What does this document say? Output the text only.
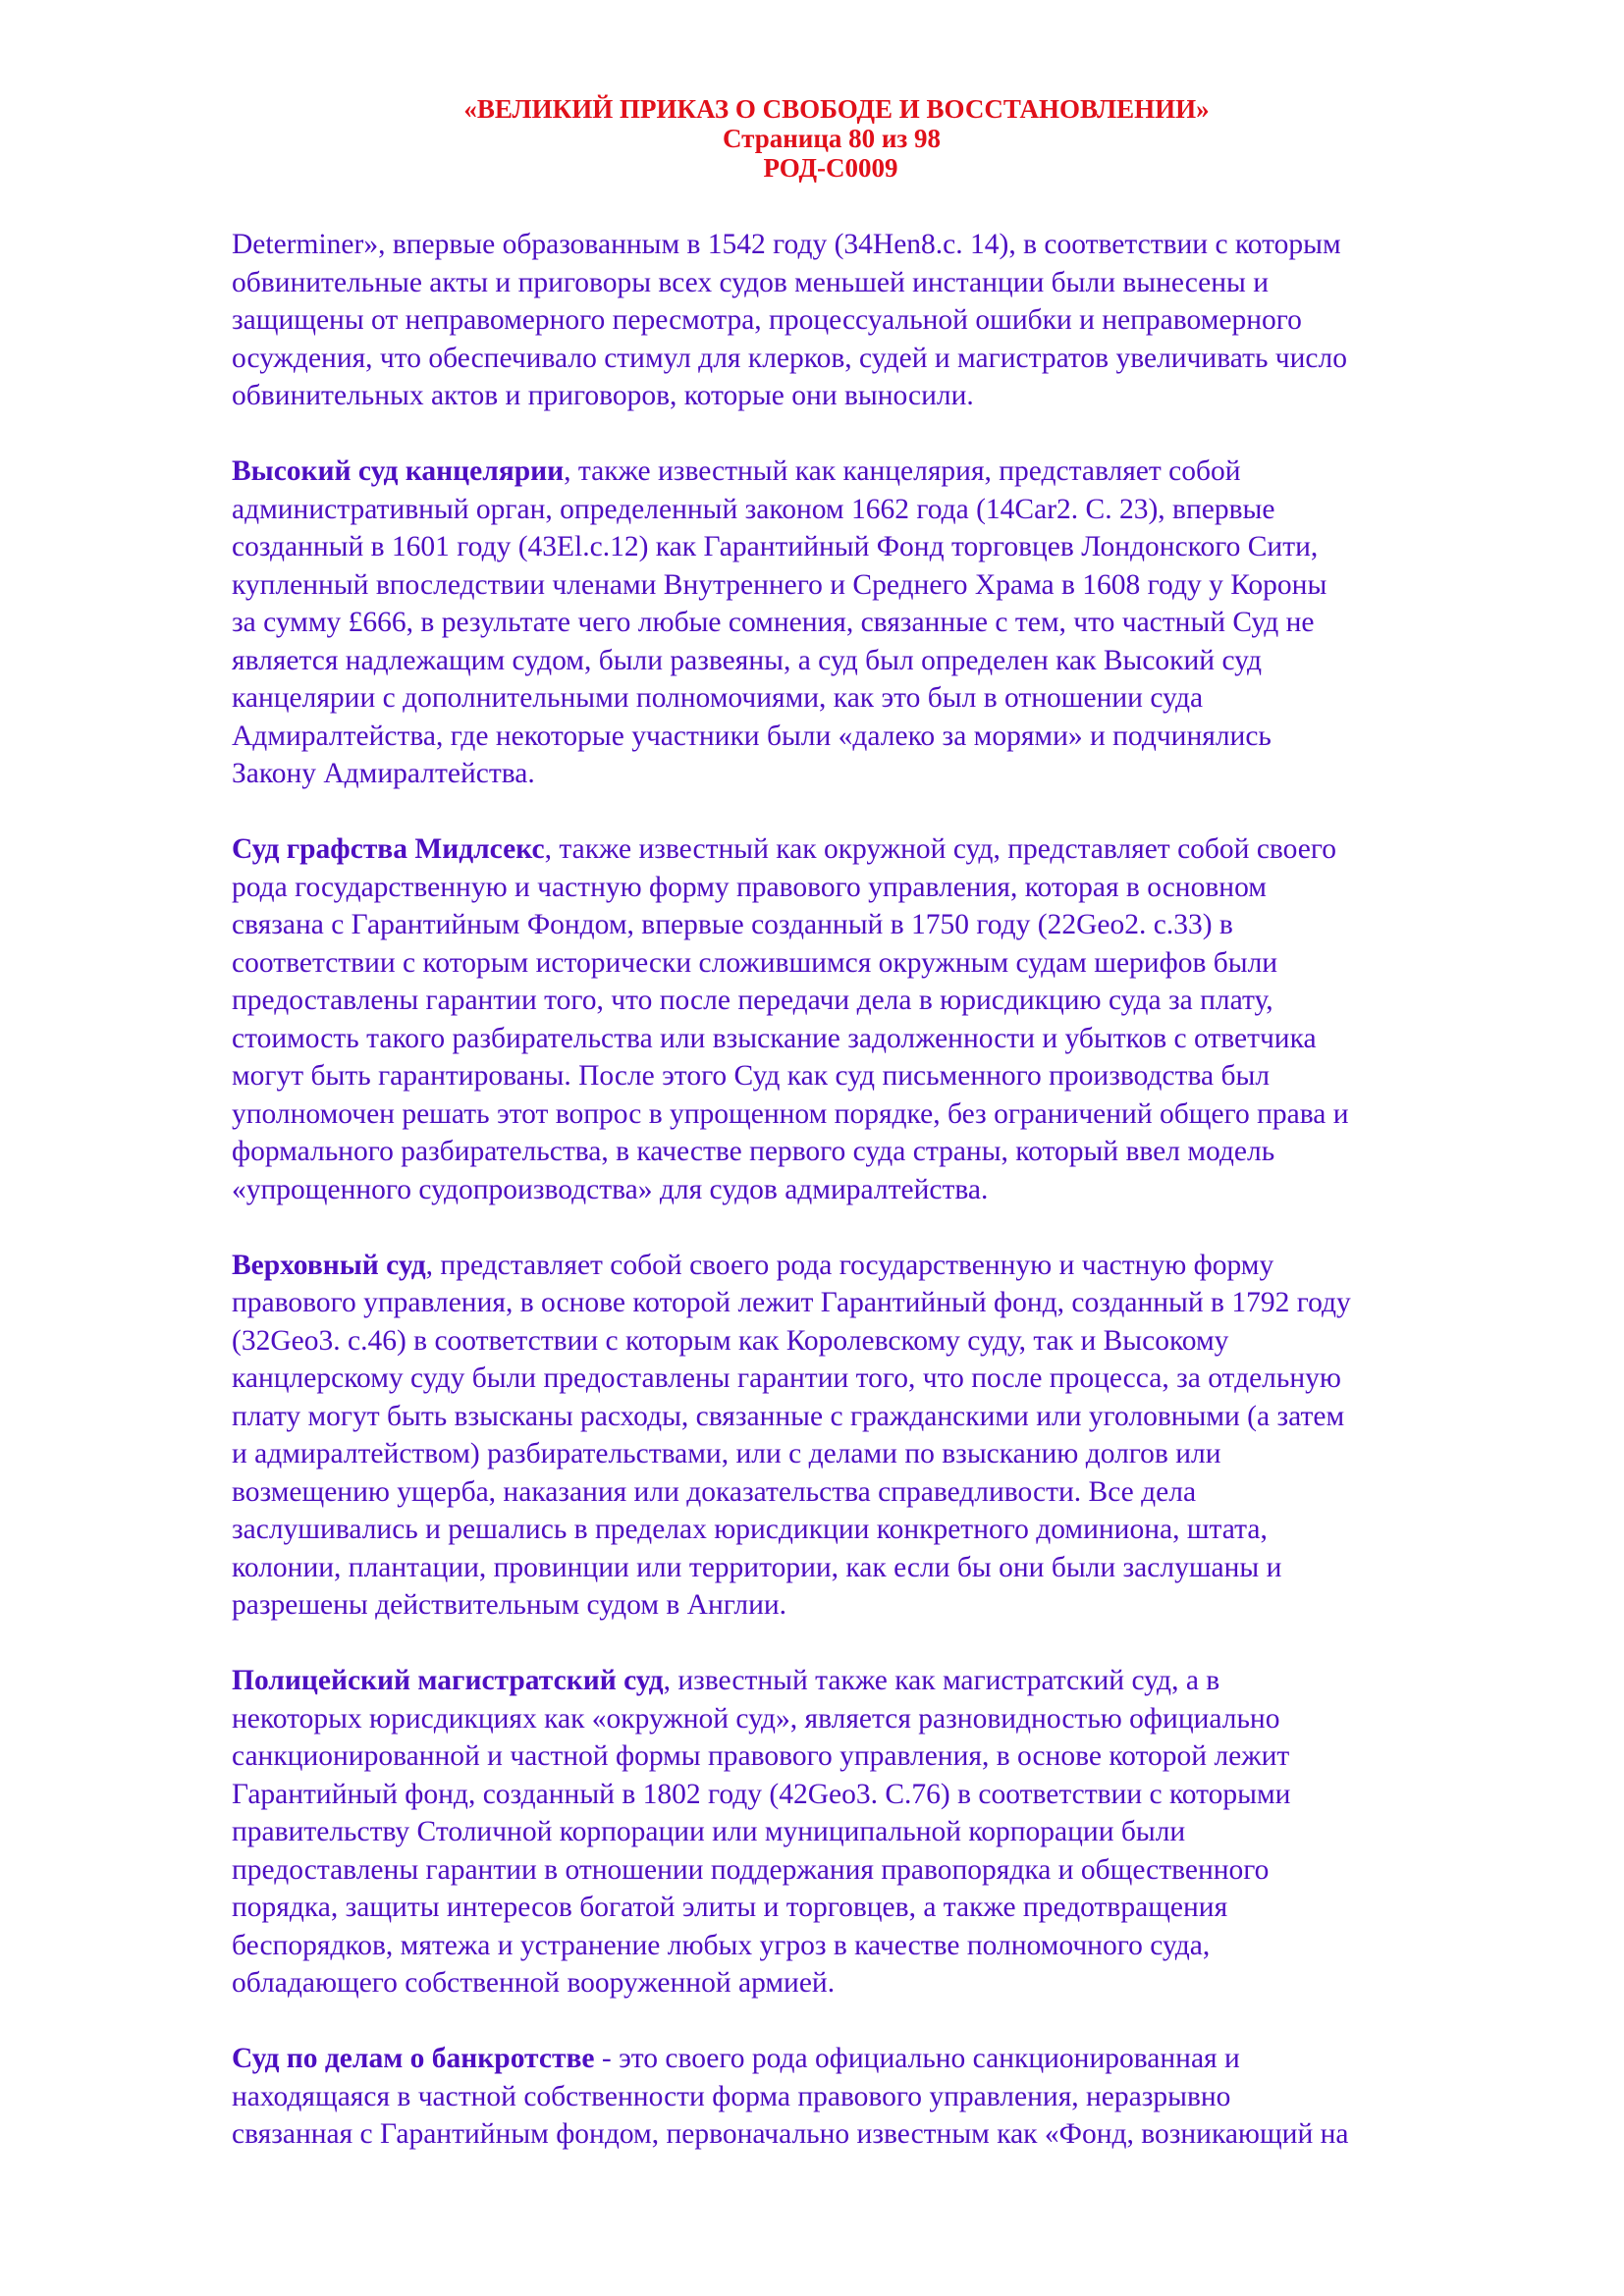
«ВЕЛИКИЙ ПРИКАЗ О СВОБОДЕ И ВОССТАНОВЛЕНИИ»
Страница 80 из 98
РОД-С0009
Determiner», впервые образованным в 1542 году (34Hen8.c. 14), в соответствии с которым
обвинительные акты и приговоры всех судов меньшей инстанции были вынесены и
защищены от неправомерного пересмотра, процессуальной ошибки и неправомерного
осуждения, что обеспечивало стимул для клерков, судей и магистратов увеличивать число
обвинительных актов и приговоров, которые они выносили.
Высокий суд канцелярии, также известный как канцелярия, представляет собой
административный орган, определенный законом 1662 года (14Car2. C. 23), впервые
созданный в 1601 году (43El.c.12) как Гарантийный Фонд торговцев Лондонского Сити,
купленный впоследствии членами Внутреннего и Среднего Храма в 1608 году у Короны
за сумму £666, в результате чего любые сомнения, связанные с тем, что частный Суд не
является надлежащим судом, были развеяны, а суд был определен как Высокий суд
канцелярии с дополнительными полномочиями, как это был в отношении суда
Адмиралтейства, где некоторые участники были «далеко за морями» и подчинялись
Закону Адмиралтейства.
Суд графства Мидлсекс, также известный как окружной суд, представляет собой своего
рода государственную и частную форму правового управления, которая в основном
связана с Гарантийным Фондом, впервые созданный в 1750 году (22Geo2. c.33) в
соответствии с которым исторически сложившимся окружным судам шерифов были
предоставлены гарантии того, что после передачи дела в юрисдикцию суда за плату,
стоимость такого разбирательства или взыскание задолженности и убытков с ответчика
могут быть гарантированы. После этого Суд как суд письменного производства был
уполномочен решать этот вопрос в упрощенном порядке, без ограничений общего права и
формального разбирательства, в качестве первого суда страны, который ввел модель
«упрощенного судопроизводства» для судов адмиралтейства.
Верховный суд, представляет собой своего рода государственную и частную форму
правового управления, в основе которой лежит Гарантийный фонд, созданный в 1792 году
(32Geo3. c.46) в соответствии с которым как Королевскому суду, так и Высокому
канцлерскому суду были предоставлены гарантии того, что после процесса, за отдельную
плату могут быть взысканы расходы, связанные с гражданскими или уголовными (а затем
и адмиралтейством) разбирательствами, или с делами по взысканию долгов или
возмещению ущерба, наказания или доказательства справедливости. Все дела
заслушивались и решались в пределах юрисдикции конкретного доминиона, штата,
колонии, плантации, провинции или территории, как если бы они были заслушаны и
разрешены действительным судом в Англии.
Полицейский магистратский суд, известный также как магистратский суд, а в
некоторых юрисдикциях как «окружной суд», является разновидностью официально
санкционированной и частной формы правового управления, в основе которой лежит
Гарантийный фонд, созданный в 1802 году (42Geo3. C.76) в соответствии с которыми
правительству Столичной корпорации или муниципальной корпорации были
предоставлены гарантии в отношении поддержания правопорядка и общественного
порядка, защиты интересов богатой элиты и торговцев, а также предотвращения
беспорядков, мятежа и устранение любых угроз в качестве полномочного суда,
обладающего собственной вооруженной армией.
Суд по делам о банкротстве - это своего рода официально санкционированная и
находящаяся в частной собственности форма правового управления, неразрывно
связанная с Гарантийным фондом, первоначально известным как «Фонд, возникающий на
